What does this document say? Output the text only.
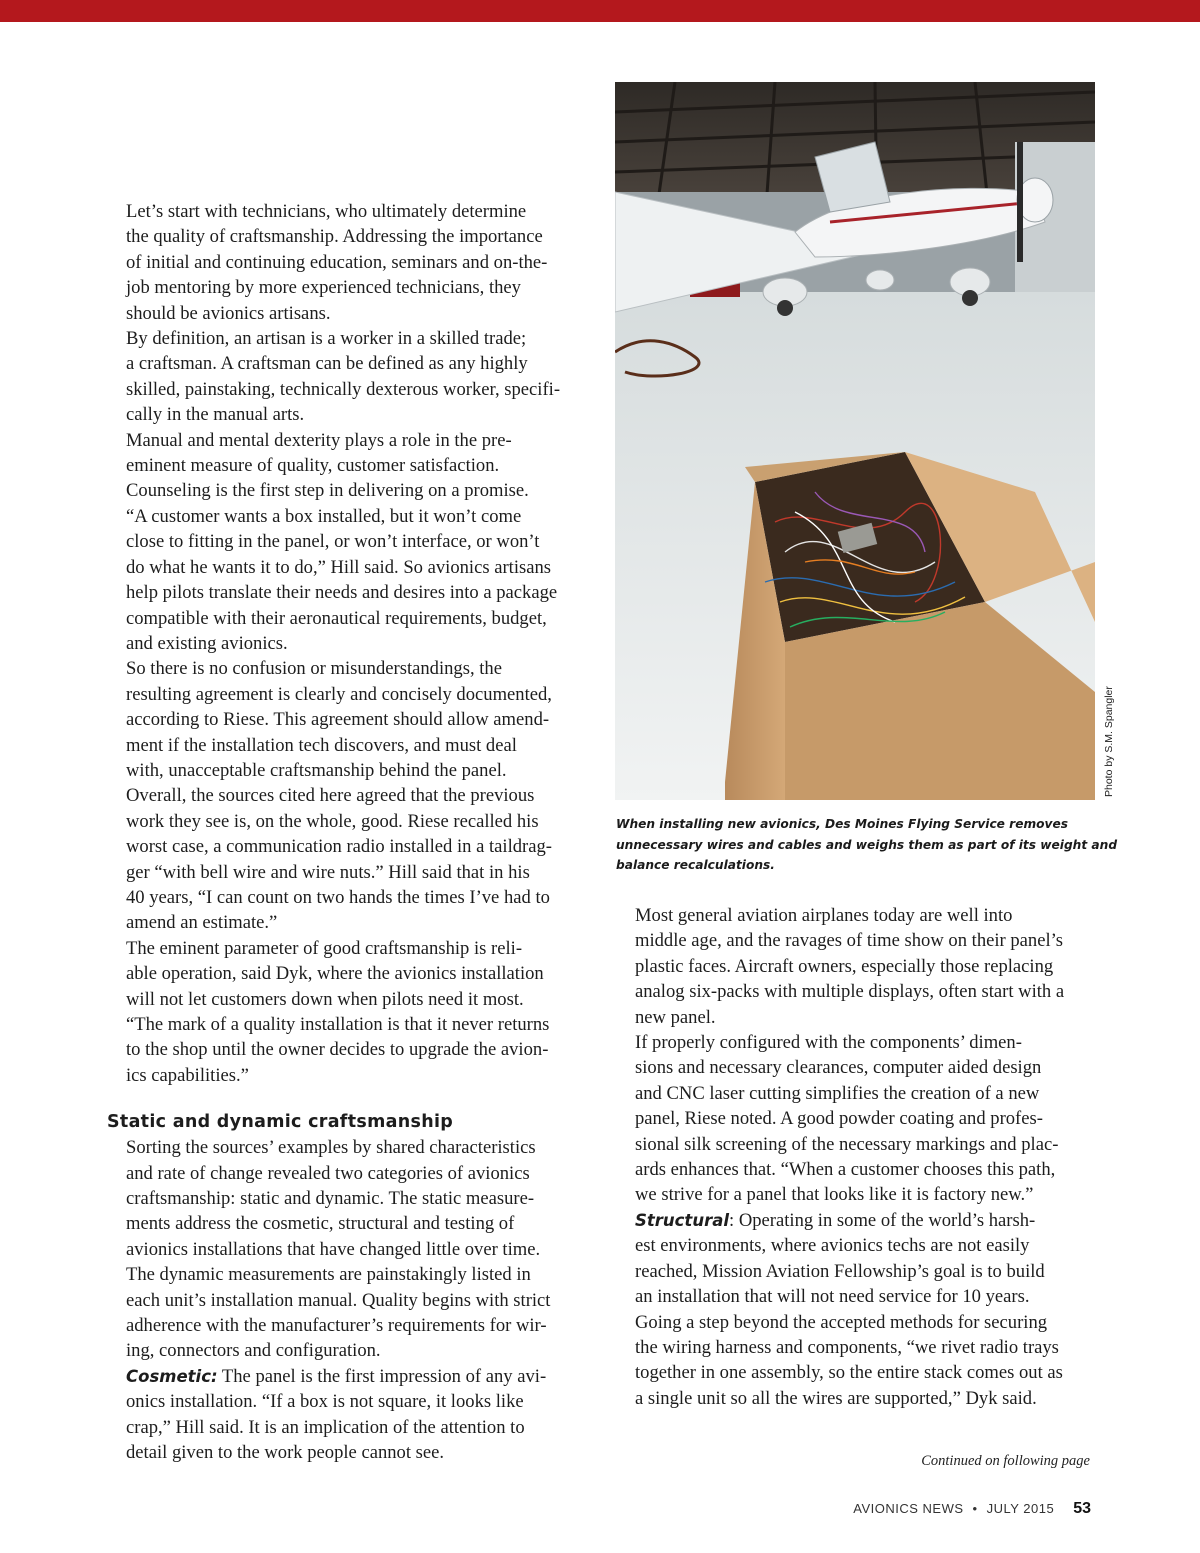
Let’s start with technicians, who ultimately determine
the quality of craftsmanship. Addressing the importance
of initial and continuing education, seminars and on-the-
job mentoring by more experienced technicians, they
should be avionics artisans.

By definition, an artisan is a worker in a skilled trade;
a craftsman. A craftsman can be defined as any highly
skilled, painstaking, technically dexterous worker, specifi-
cally in the manual arts.

Manual and mental dexterity plays a role in the pre-
eminent measure of quality, customer satisfaction.
Counseling is the first step in delivering on a promise.
“A customer wants a box installed, but it won’t come
close to fitting in the panel, or won’t interface, or won’t
do what he wants it to do,” Hill said. So avionics artisans
help pilots translate their needs and desires into a package
compatible with their aeronautical requirements, budget,
and existing avionics.

So there is no confusion or misunderstandings, the
resulting agreement is clearly and concisely documented,
according to Riese. This agreement should allow amend-
ment if the installation tech discovers, and must deal
with, unacceptable craftsmanship behind the panel.

Overall, the sources cited here agreed that the previous
work they see is, on the whole, good. Riese recalled his
worst case, a communication radio installed in a taildrag-
ger “with bell wire and wire nuts.” Hill said that in his
40 years, “I can count on two hands the times I’ve had to
amend an estimate.”

The eminent parameter of good craftsmanship is reli-
able operation, said Dyk, where the avionics installation
will not let customers down when pilots need it most.
“The mark of a quality installation is that it never returns
to the shop until the owner decides to upgrade the avion-
ics capabilities.”

Static and dynamic craftsmanship

Sorting the sources’ examples by shared characteristics
and rate of change revealed two categories of avionics
craftsmanship: static and dynamic. The static measure-
ments address the cosmetic, structural and testing of
avionics installations that have changed little over time.
The dynamic measurements are painstakingly listed in
each unit’s installation manual. Quality begins with strict
adherence with the manufacturer’s requirements for wir-
ing, connectors and configuration.

Cosmetic: The panel is the first impression of any avi-
onics installation. “If a box is not square, it looks like
crap,” Hill said. It is an implication of the attention to
detail given to the work people cannot see.

Photo by S.M. Spangler
When installing new avionics, Des Moines Flying Service removes
unnecessary wires and cables and weighs them as part of its weight and
balance recalculations.

Most general aviation airplanes today are well into
middle age, and the ravages of time show on their panel’s
plastic faces. Aircraft owners, especially those replacing
analog six-packs with multiple displays, often start with a
new panel.

If properly configured with the components’ dimen-
sions and necessary clearances, computer aided design
and CNC laser cutting simplifies the creation of a new
panel, Riese noted. A good powder coating and profes-
sional silk screening of the necessary markings and plac-
ards enhances that. “When a customer chooses this path,
we strive for a panel that looks like it is factory new.”

Structural: Operating in some of the world’s harsh-
est environments, where avionics techs are not easily
reached, Mission Aviation Fellowship’s goal is to build
an installation that will not need service for 10 years.
Going a step beyond the accepted methods for securing
the wiring harness and components, “we rivet radio trays
together in one assembly, so the entire stack comes out as
a single unit so all the wires are supported,” Dyk said.

Continued on following page
AVIONICS NEWS • JULY 2015 53
